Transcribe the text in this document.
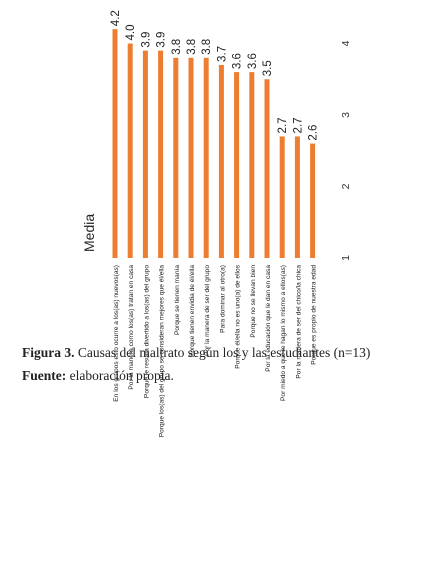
4.2
4.0 3.9 3.9 3.8 3.8 3.8 3.7 3.6 3.6 3.5
2.7 2.7 2.6
1
2
3
4
En los grupos esto ocurre a los(as) nuevos(as) Por la manera como los(as) tratan en casa Porque le resulta divertido a los(as) del grupo Porque los(as) del grupo se consideran mejores que él/ella Porque se tienen manía Porque tienen envidia de él/ella Por la manera de ser del grupo Para dominar al otro(a) Porque él/ella no es uno(a) de ellos Porque no se llevan bien Por la educación que le dan en casa Por miedo a que le hagan lo mismo a ellos(as) Por la manera de ser del chico/la chica Porque es propio de nuestra edad
Media
Figura 3. Causas del maltrato según los y las estudiantes (n=13)
Fuente: elaboración propia.
